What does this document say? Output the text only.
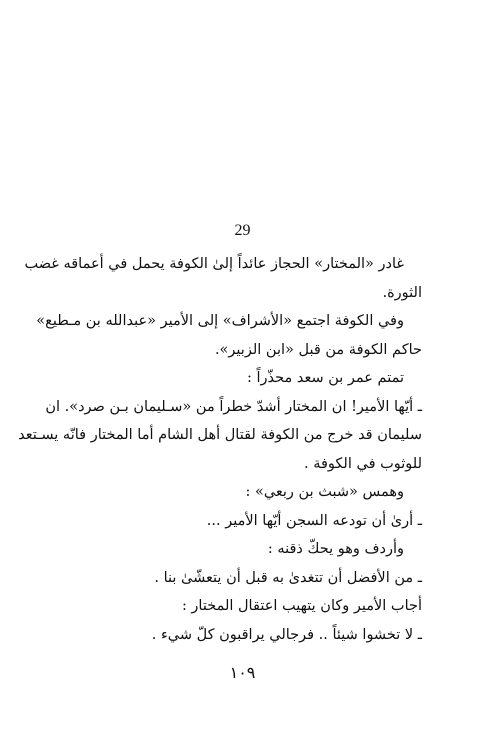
29
غادر «المختار» الحجاز عائداً إلىٰ الكوفة يحمل في أعماقه غضب
الثورة.
وفي الكوفة اجتمع «الأشراف» إلى الأمير «عبدالله بن مـطيع»
حاكم الكوفة من قبل «ابن الزبير».
تمتم عمر بن سعد محذّراً :
ـ أيّها الأمير! ان المختار أشدّ خطراً من «سـليمان بـن صرد». ان
سليمان قد خرج من الكوفة لقتال أهل الشام أما المختار فانّه يسـتعد
للوثوب في الكوفة .
وهمس «شبث بن ربعي» :
ـ أرىٰ أن تودعه السجن أيّها الأمير ...
وأردف وهو يحكّ ذقنه :
ـ من الأفضل أن تتغدىٰ به قبل أن يتعشّىٰ بنا .
أجاب الأمير وكان يتهيب اعتقال المختار :
ـ لا تخشوا شيئاً .. فرجالي يراقبون كلّ شيء .
١٠٩
